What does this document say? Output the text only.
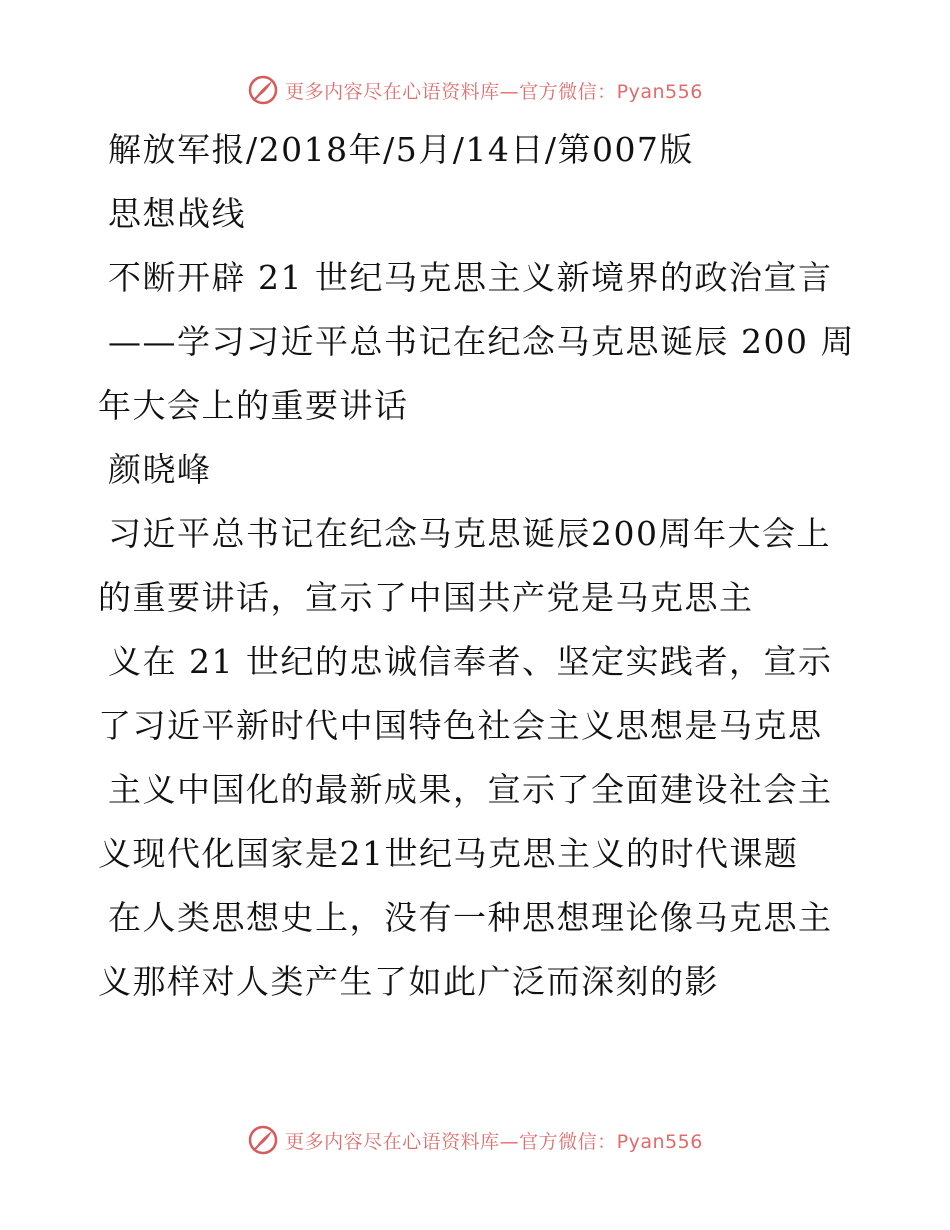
更多内容尽在心语资料库—官方微信：Pyan556
解放军报/2018年/5月/14日/第007版
思想战线
不断开辟 21 世纪马克思主义新境界的政治宣言
——学习习近平总书记在纪念马克思诞辰 200 周
年大会上的重要讲话
颜晓峰
习近平总书记在纪念马克思诞辰200周年大会上
的重要讲话，宣示了中国共产党是马克思主
义在 21 世纪的忠诚信奉者、坚定实践者，宣示
了习近平新时代中国特色社会主义思想是马克思
主义中国化的最新成果，宣示了全面建设社会主
义现代化国家是21世纪马克思主义的时代课题
在人类思想史上，没有一种思想理论像马克思主
义那样对人类产生了如此广泛而深刻的影
更多内容尽在心语资料库—官方微信：Pyan556
